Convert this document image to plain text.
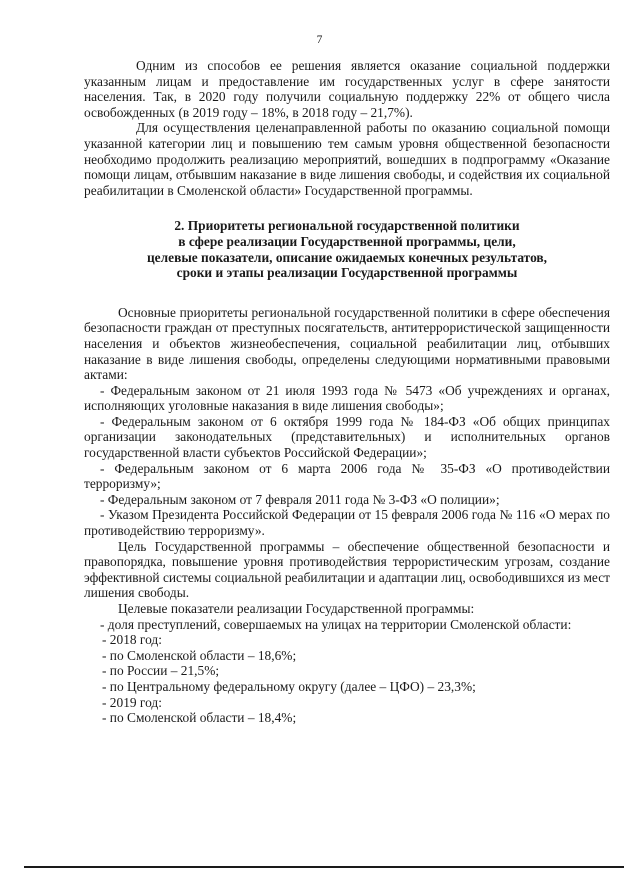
7

Одним из способов ее решения является оказание социальной поддержки указанным лицам и предоставление им государственных услуг в сфере занятости населения. Так, в 2020 году получили социальную поддержку 22% от общего числа освобожденных (в 2019 году – 18%, в 2018 году – 21,7%).

Для осуществления целенаправленной работы по оказанию социальной помощи указанной категории лиц и повышению тем самым уровня общественной безопасности необходимо продолжить реализацию мероприятий, вошедших в подпрограмму «Оказание помощи лицам, отбывшим наказание в виде лишения свободы, и содействия их социальной реабилитации в Смоленской области» Государственной программы.

2. Приоритеты региональной государственной политики
в сфере реализации Государственной программы, цели,
целевые показатели, описание ожидаемых конечных результатов,
сроки и этапы реализации Государственной программы

Основные приоритеты региональной государственной политики в сфере обеспечения безопасности граждан от преступных посягательств, антитеррористической защищенности населения и объектов жизнеобеспечения, социальной реабилитации лиц, отбывших наказание в виде лишения свободы, определены следующими нормативными правовыми актами:

- Федеральным законом от 21 июля 1993 года № 5473 «Об учреждениях и органах, исполняющих уголовные наказания в виде лишения свободы»;

- Федеральным законом от 6 октября 1999 года № 184-ФЗ «Об общих принципах организации законодательных (представительных) и исполнительных органов государственной власти субъектов Российской Федерации»;

- Федеральным законом от 6 марта 2006 года № 35-ФЗ «О противодействии терроризму»;

- Федеральным законом от 7 февраля 2011 года № 3-ФЗ «О полиции»;

- Указом Президента Российской Федерации от 15 февраля 2006 года № 116 «О мерах по противодействию терроризму».

Цель Государственной программы – обеспечение общественной безопасности и правопорядка, повышение уровня противодействия террористическим угрозам, создание эффективной системы социальной реабилитации и адаптации лиц, освободившихся из мест лишения свободы.

Целевые показатели реализации Государственной программы:

- доля преступлений, совершаемых на улицах на территории Смоленской области:

- 2018 год:
- по Смоленской области – 18,6%;
- по России – 21,5%;
- по Центральному федеральному округу (далее – ЦФО) – 23,3%;
- 2019 год:
- по Смоленской области – 18,4%;
